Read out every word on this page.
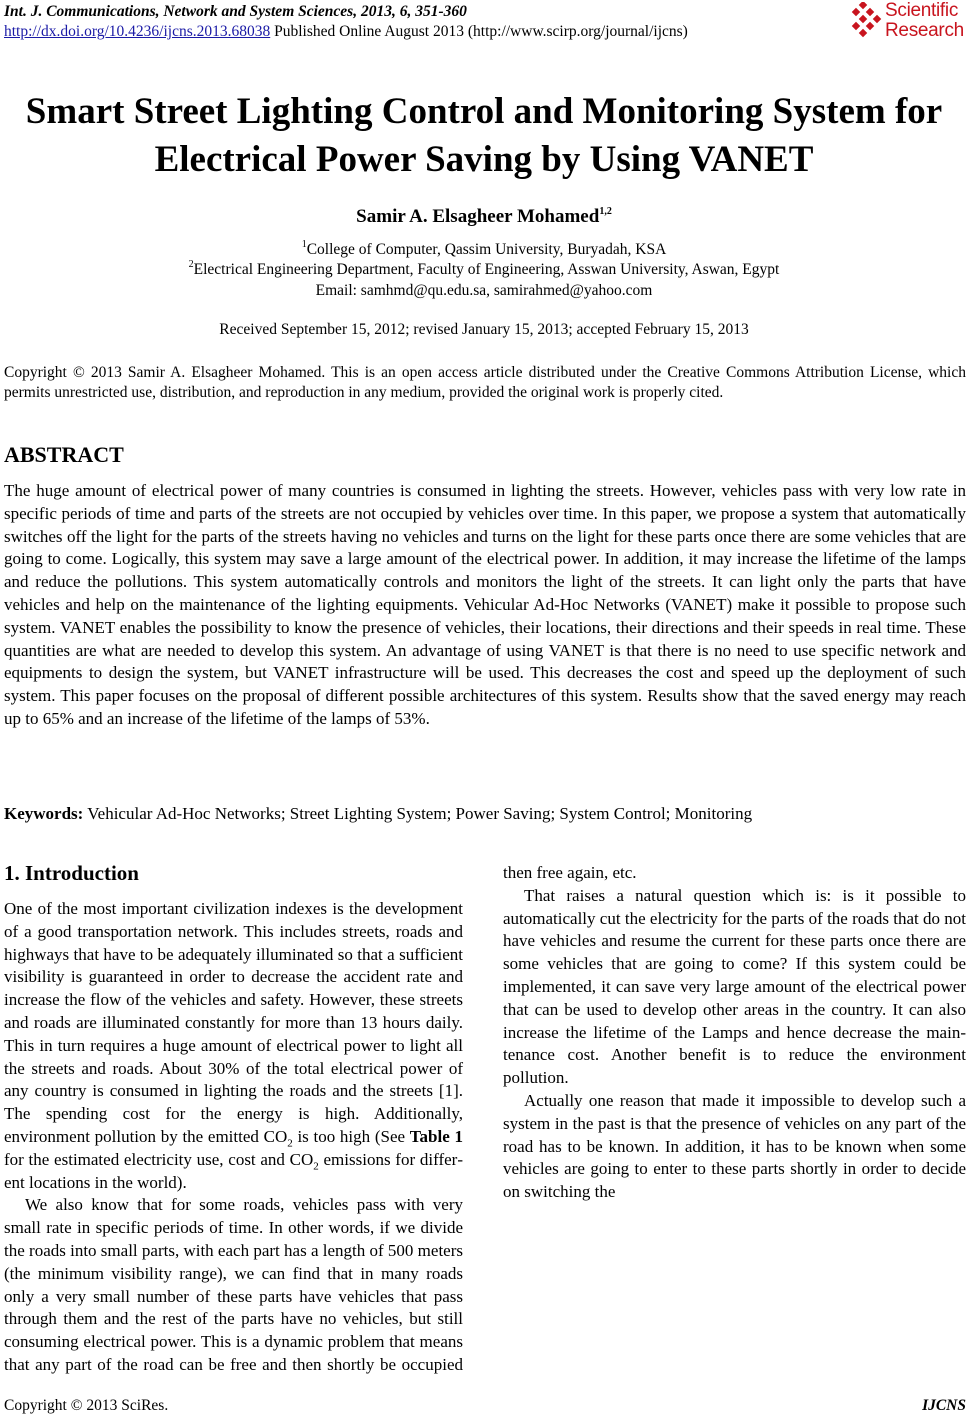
Int. J. Communications, Network and System Sciences, 2013, 6, 351-360
http://dx.doi.org/10.4236/ijcns.2013.68038 Published Online August 2013 (http://www.scirp.org/journal/ijcns)
Scientific
Research
Smart Street Lighting Control and Monitoring System for
Electrical Power Saving by Using VANET
Samir A. Elsagheer Mohamed$^{1,2}$
$^1$College of Computer, Qassim University, Buryadah, KSA
$^2$Electrical Engineering Department, Faculty of Engineering, Asswan University, Aswan, Egypt
Email: samhmd@qu.edu.sa, samirahmed@yahoo.com
Received September 15, 2012; revised January 15, 2013; accepted February 15, 2013
Copyright © 2013 Samir A. Elsagheer Mohamed. This is an open access article distributed under the Creative Commons Attribution License, which permits unrestricted use, distribution, and reproduction in any medium, provided the original work is properly cited.
ABSTRACT
The huge amount of electrical power of many countries is consumed in lighting the streets. However, vehicles pass with very low rate in specific periods of time and parts of the streets are not occupied by vehicles over time. In this paper, we propose a system that automatically switches off the light for the parts of the streets having no vehicles and turns on the light for these parts once there are some vehicles that are going to come. Logically, this system may save a large amount of the electrical power. In addition, it may increase the lifetime of the lamps and reduce the pollutions. This system automatically controls and monitors the light of the streets. It can light only the parts that have vehicles and help on the maintenance of the lighting equipments. Vehicular Ad-Hoc Networks (VANET) make it possible to propose such system. VANET enables the possibility to know the presence of vehicles, their locations, their directions and their speeds in real time. These quantities are what are needed to develop this system. An advantage of using VANET is that there is no need to use specific network and equipments to design the system, but VANET infrastructure will be used. This decreases the cost and speed up the deployment of such system. This paper focuses on the proposal of different possible architectures of this system. Results show that the saved energy may reach up to 65% and an increase of the lifetime of the lamps of 53%.
Keywords: Vehicular Ad-Hoc Networks; Street Lighting System; Power Saving; System Control; Monitoring
1. Introduction

One of the most important civilization indexes is the development of a good transportation network. This includes streets, roads and highways that have to be adequately illuminated so that a sufficient visibility is guaranteed in order to decrease the accident rate and increase the flow of the vehicles and safety. However, these streets and roads are illuminated constantly for more than 13 hours daily. This in turn requires a huge amount of electrical power to light all the streets and roads. About 30% of the total electrical power of any country is consumed in lighting the roads and the streets [1]. The spending cost for the energy is high. Additionally, environment pollution by the emitted $CO_2$ is too high (See Table 1 for the estimated electricity use, cost and $CO_2$ emissions for different locations in the world).

We also know that for some roads, vehicles pass with very small rate in specific periods of time. In other words, if we divide the roads into small parts, with each part has a length of 500 meters (the minimum visibility range), we can find that in many roads only a very small number of these parts have vehicles that pass through them and the rest of the parts have no vehicles, but still consuming electrical power. This is a dynamic problem that means that any part of the road can be free and then shortly be occupied

then free again, etc.

That raises a natural question which is: is it possible to automatically cut the electricity for the parts of the roads that do not have vehicles and resume the current for these parts once there are some vehicles that are going to come? If this system could be implemented, it can save very large amount of the electrical power that can be used to develop other areas in the country. It can also increase the lifetime of the Lamps and hence decrease the maintenance cost. Another benefit is to reduce the environment pollution.

Actually one reason that made it impossible to develop such a system in the past is that the presence of vehicles on any part of the road has to be known. In addition, it has to be known when some vehicles are going to enter to these parts shortly in order to decide on switching the

Copyright © 2013 SciRes.	IJCNS
